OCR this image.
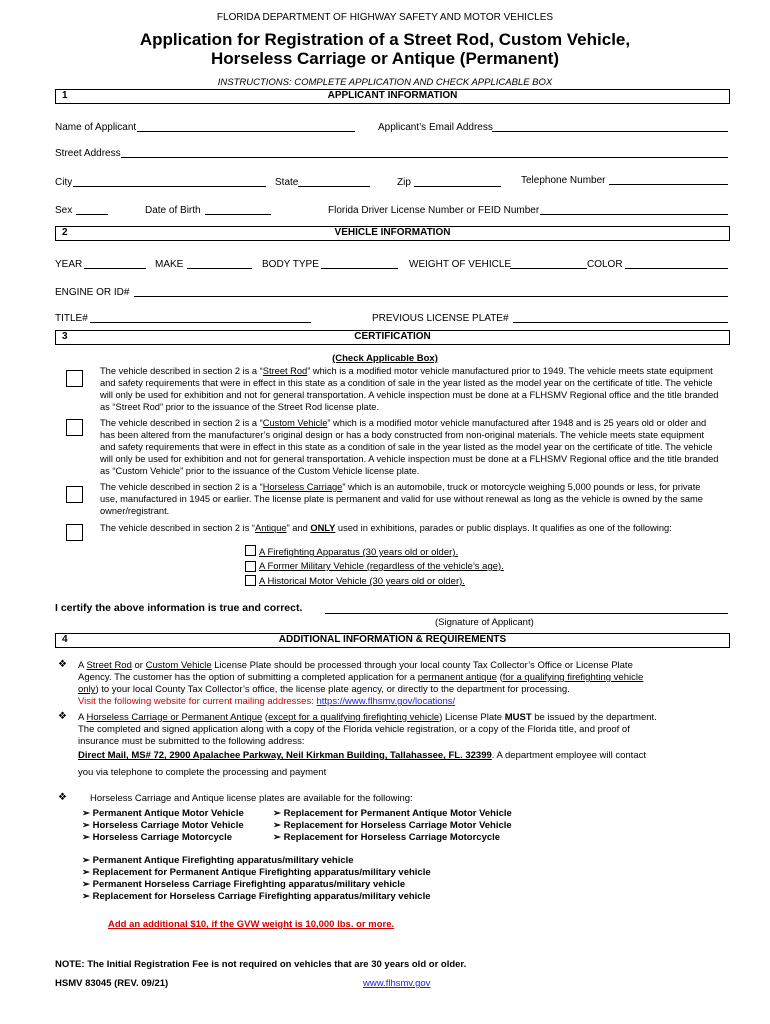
FLORIDA DEPARTMENT OF HIGHWAY SAFETY AND MOTOR VEHICLES
Application for Registration of a Street Rod, Custom Vehicle,
Horseless Carriage or Antique (Permanent)
INSTRUCTIONS: COMPLETE APPLICATION AND CHECK APPLICABLE BOX
1	APPLICANT INFORMATION
Name of Applicant	Applicant’s Email Address
Street Address
City	State	Zip	Telephone Number
Sex	Date of Birth	Florida Driver License Number or FEID Number
2	VEHICLE INFORMATION
YEAR	MAKE	BODY TYPE	WEIGHT OF VEHICLE	COLOR
ENGINE OR ID#
TITLE#	PREVIOUS LICENSE PLATE#
3	CERTIFICATION
(Check Applicable Box)
The vehicle described in section 2 is a “Street Rod” which is a modified motor vehicle manufactured prior to 1949. The vehicle meets state equipment and safety requirements that were in effect in this state as a condition of sale in the year listed as the model year on the certificate of title. The vehicle will only be used for exhibition and not for general transportation. A vehicle inspection must be done at a FLHSMV Regional office and the title branded as “Street Rod” prior to the issuance of the Street Rod license plate.
The vehicle described in section 2 is a “Custom Vehicle” which is a modified motor vehicle manufactured after 1948 and is 25 years old or older and has been altered from the manufacturer’s original design or has a body constructed from non-original materials. The vehicle meets state equipment and safety requirements that were in effect in this state as a condition of sale in the year listed as the model year on the certificate of title. The vehicle will only be used for exhibition and not for general transportation. A vehicle inspection must be done at a FLHSMV Regional office and the title branded as “Custom Vehicle” prior to the issuance of the Custom Vehicle license plate.
The vehicle described in section 2 is a “Horseless Carriage” which is an automobile, truck or motorcycle weighing 5,000 pounds or less, for private use, manufactured in 1945 or earlier. The license plate is permanent and valid for use without renewal as long as the vehicle is owned by the same owner/registrant.
The vehicle described in section 2 is “Antique” and ONLY used in exhibitions, parades or public displays. It qualifies as one of the following:
A Firefighting Apparatus (30 years old or older).
A Former Military Vehicle (regardless of the vehicle’s age).
A Historical Motor Vehicle (30 years old or older).
I certify the above information is true and correct.
(Signature of Applicant)
4	ADDITIONAL INFORMATION & REQUIREMENTS
❖ A Street Rod or Custom Vehicle License Plate should be processed through your local county Tax Collector’s Office or License Plate
Agency. The customer has the option of submitting a completed application for a permanent antique (for a qualifying firefighting vehicle
only) to your local County Tax Collector’s office, the license plate agency, or directly to the department for processing.
Visit the following website for current mailing addresses: https://www.flhsmv.gov/locations/
❖ A Horseless Carriage or Permanent Antique (except for a qualifying firefighting vehicle) License Plate MUST be issued by the department.
The completed and signed application along with a copy of the Florida vehicle registration, or a copy of the Florida title, and proof of
insurance must be submitted to the following address:
Direct Mail, MS# 72, 2900 Apalachee Parkway, Neil Kirkman Building, Tallahassee, FL. 32399. A department employee will contact
you via telephone to complete the processing and payment
❖ Horseless Carriage and Antique license plates are available for the following:
➢ Permanent Antique Motor Vehicle
➢ Horseless Carriage Motor Vehicle
➢ Horseless Carriage Motorcycle
➢ Replacement for Permanent Antique Motor Vehicle
➢ Replacement for Horseless Carriage Motor Vehicle
➢ Replacement for Horseless Carriage Motorcycle
➢ Permanent Antique Firefighting apparatus/military vehicle
➢ Replacement for Permanent Antique Firefighting apparatus/military vehicle
➢ Permanent Horseless Carriage Firefighting apparatus/military vehicle
➢ Replacement for Horseless Carriage Firefighting apparatus/military vehicle
Add an additional $10, if the GVW weight is 10,000 lbs. or more.
NOTE: The Initial Registration Fee is not required on vehicles that are 30 years old or older.
HSMV 83045 (REV. 09/21)	www.flhsmv.gov
